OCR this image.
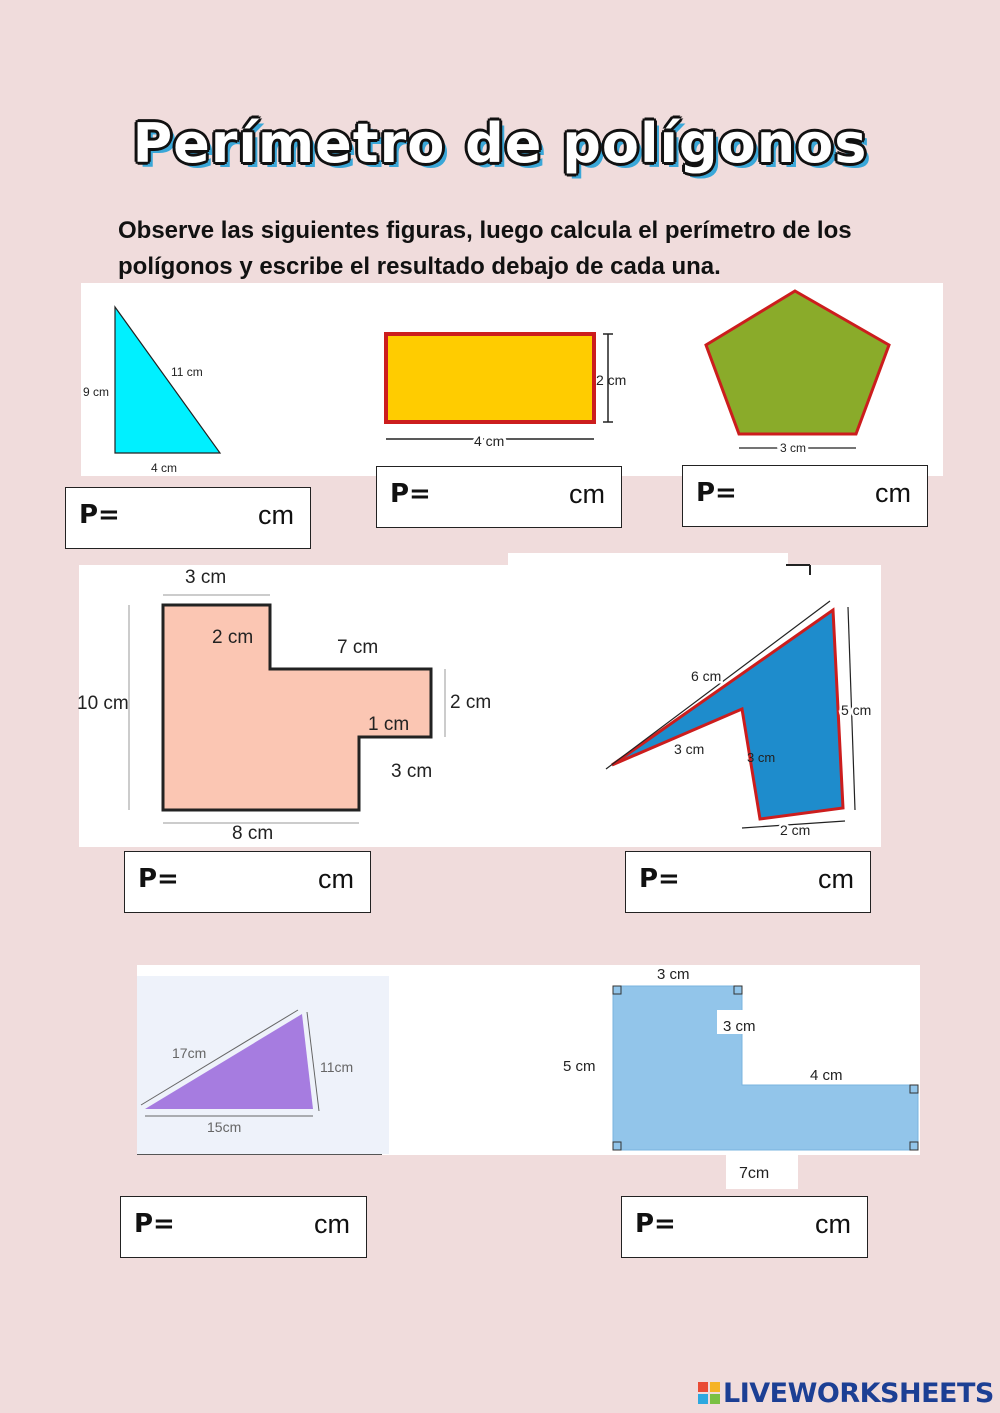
Perímetro de polígonos
Observe las siguientes figuras, luego calcula el perímetro de los polígonos y escribe el resultado debajo de cada una.
9 cm
11 cm
4 cm
2 cm
4 cm	3 cm
P=	cm
P=	cm	P=	cm
3 cm
2 cm	7 cm
10 cm	2 cm
1 cm
3 cm
8 cm
6 cm
3 cm
3 cm
5 cm
2 cm
P=	cm	P=	cm
17cm
11cm
15cm
3 cm
3 cm
5 cm
4 cm
7cm
P=	cm	P=	cm
LIVEWORKSHEETS
